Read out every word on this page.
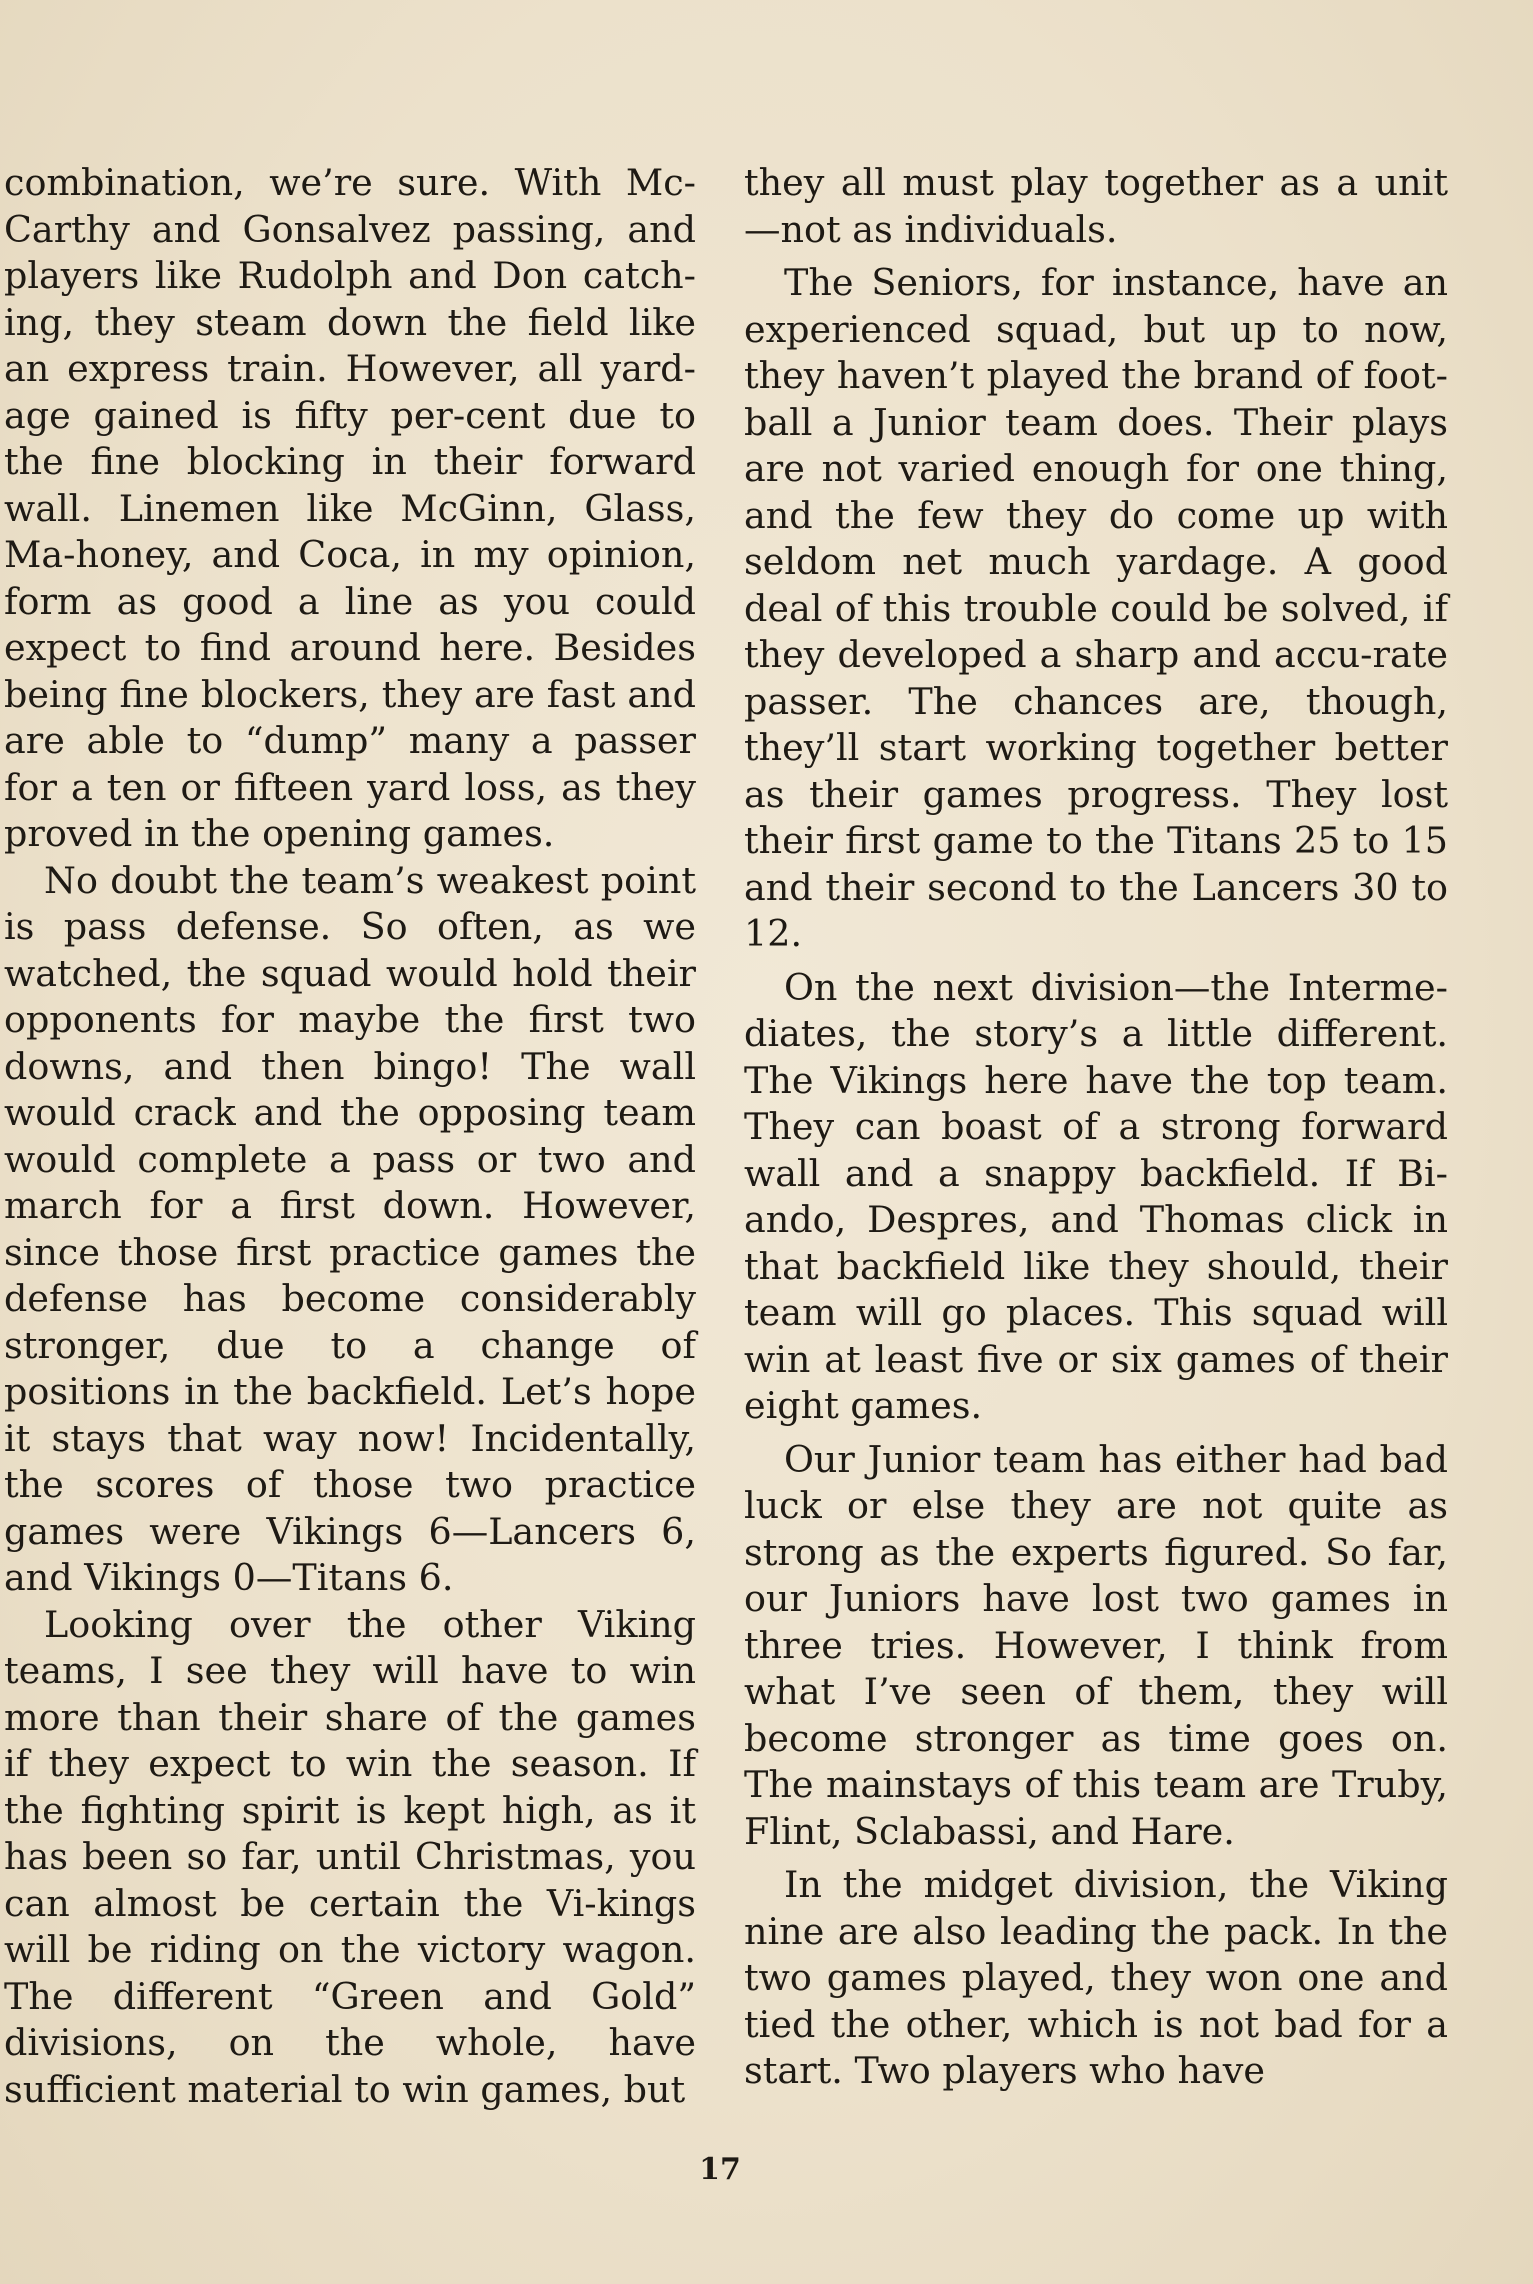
combination, we’re sure. With Mc-Carthy and Gonsalvez passing, and players like Rudolph and Don catch-ing, they steam down the field like an express train. However, all yard-age gained is fifty per-cent due to the fine blocking in their forward wall. Linemen like McGinn, Glass, Ma-honey, and Coca, in my opinion, form as good a line as you could expect to find around here. Besides being fine blockers, they are fast and are able to “dump” many a passer for a ten or fifteen yard loss, as they proved in the opening games.

No doubt the team’s weakest point is pass defense. So often, as we watched, the squad would hold their opponents for maybe the first two downs, and then bingo! The wall would crack and the opposing team would complete a pass or two and march for a first down. However, since those first practice games the defense has become considerably stronger, due to a change of positions in the backfield. Let’s hope it stays that way now! Incidentally, the scores of those two practice games were Vikings 6—Lancers 6, and Vikings 0—Titans 6.

Looking over the other Viking teams, I see they will have to win more than their share of the games if they expect to win the season. If the fighting spirit is kept high, as it has been so far, until Christmas, you can almost be certain the Vi-kings will be riding on the victory wagon. The different “Green and Gold” divisions, on the whole, have sufficient material to win games, but

they all must play together as a unit—not as individuals.

The Seniors, for instance, have an experienced squad, but up to now, they haven’t played the brand of foot-ball a Junior team does. Their plays are not varied enough for one thing, and the few they do come up with seldom net much yardage. A good deal of this trouble could be solved, if they developed a sharp and accu-rate passer. The chances are, though, they’ll start working together better as their games progress. They lost their first game to the Titans 25 to 15 and their second to the Lancers 30 to 12.

On the next division—the Interme-diates, the story’s a little different. The Vikings here have the top team. They can boast of a strong forward wall and a snappy backfield. If Bi-ando, Despres, and Thomas click in that backfield like they should, their team will go places. This squad will win at least five or six games of their eight games.

Our Junior team has either had bad luck or else they are not quite as strong as the experts figured. So far, our Juniors have lost two games in three tries. However, I think from what I’ve seen of them, they will become stronger as time goes on. The mainstays of this team are Truby, Flint, Sclabassi, and Hare.

In the midget division, the Viking nine are also leading the pack. In the two games played, they won one and tied the other, which is not bad for a start. Two players who have

17
